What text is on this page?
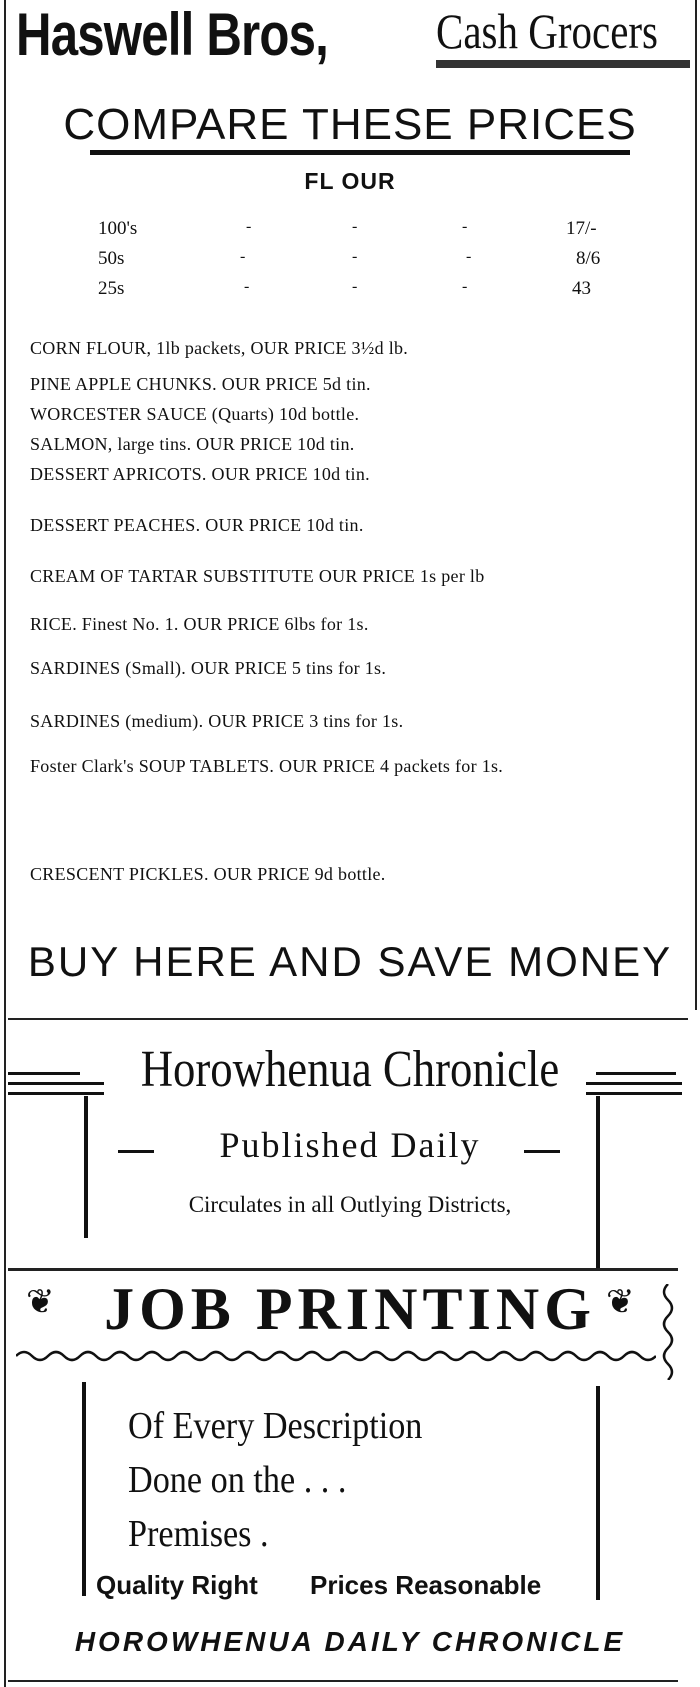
Haswell Bros, Cash Grocers
COMPARE THESE PRICES
FL OUR
100's	-	-	-	17/-
50s	-	-	-	8/6
25s	-	-	-	43
CORN FLOUR, 1lb packets, OUR PRICE 3½d lb.
PINE APPLE CHUNKS. OUR PRICE 5d tin.
WORCESTER SAUCE (Quarts) 10d bottle.
SALMON, large tins. OUR PRICE 10d tin.
DESSERT APRICOTS. OUR PRICE 10d tin.
DESSERT PEACHES. OUR PRICE 10d tin.
CREAM OF TARTAR SUBSTITUTE OUR PRICE 1s per lb
RICE. Finest No. 1. OUR PRICE 6lbs for 1s.
SARDINES (Small). OUR PRICE 5 tins for 1s.
SARDINES (medium). OUR PRICE 3 tins for 1s.
Foster Clark's SOUP TABLETS. OUR PRICE 4 packets for 1s.
CRESCENT PICKLES. OUR PRICE 9d bottle.
BUY HERE AND SAVE MONEY
Horowhenua Chronicle
Published Daily
Circulates in all Outlying Districts,
❦ JOB PRINTING ❦
Of Every Description
Done on the . . .
Premises .
Quality Right Prices Reasonable
HOROWHENUA DAILY CHRONICLE
